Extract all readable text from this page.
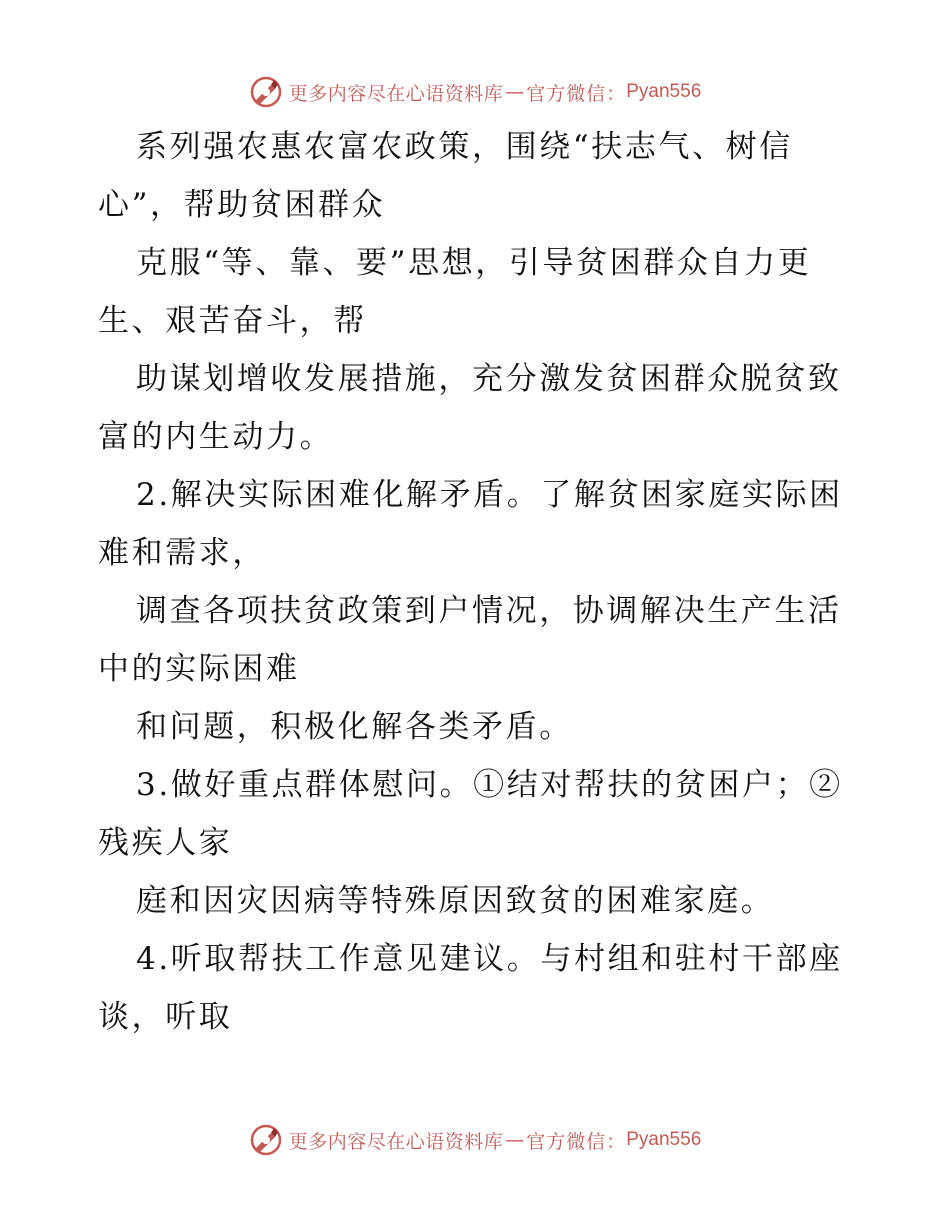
更多内容尽在心语资料库 — 官方微信： Pyan556

系列强农惠农富农政策，围绕“扶志气、树信心”，帮助贫困群众

克服“等、靠、要”思想，引导贫困群众自力更生、艰苦奋斗，帮

助谋划增收发展措施，充分激发贫困群众脱贫致富的内生动力。

2.解决实际困难化解矛盾。了解贫困家庭实际困难和需求，

调查各项扶贫政策到户情况，协调解决生产生活中的实际困难

和问题，积极化解各类矛盾。

3.做好重点群体慰问。①结对帮扶的贫困户；②残疾人家

庭和因灾因病等特殊原因致贫的困难家庭。

4.听取帮扶工作意见建议。与村组和驻村干部座谈，听取

更多内容尽在心语资料库 — 官方微信： Pyan556
